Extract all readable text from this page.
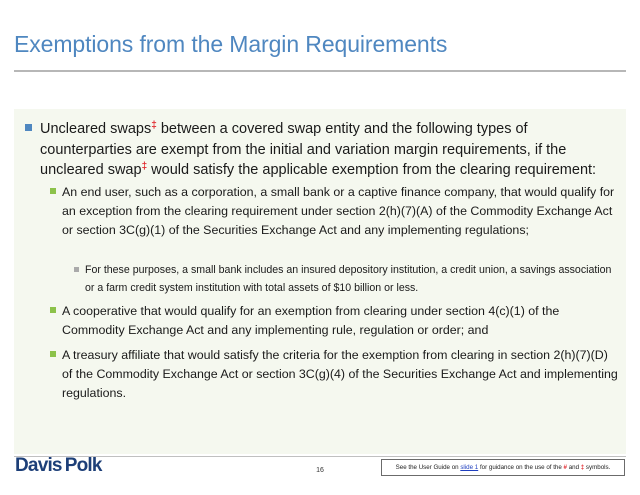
Exemptions from the Margin Requirements
Uncleared swaps‡ between a covered swap entity and the following types of counterparties are exempt from the initial and variation margin requirements, if the uncleared swap‡ would satisfy the applicable exemption from the clearing requirement:
An end user, such as a corporation, a small bank or a captive finance company, that would qualify for an exception from the clearing requirement under section 2(h)(7)(A) of the Commodity Exchange Act or section 3C(g)(1) of the Securities Exchange Act and any implementing regulations;
For these purposes, a small bank includes an insured depository institution, a credit union, a savings association or a farm credit system institution with total assets of $10 billion or less.
A cooperative that would qualify for an exemption from clearing under section 4(c)(1) of the Commodity Exchange Act and any implementing rule, regulation or order; and
A treasury affiliate that would satisfy the criteria for the exemption from clearing in section 2(h)(7)(D) of the Commodity Exchange Act or section 3C(g)(4) of the Securities Exchange Act and implementing regulations.
Davis Polk	16	See the User Guide on slide 1 for guidance on the use of the # and ‡ symbols.
